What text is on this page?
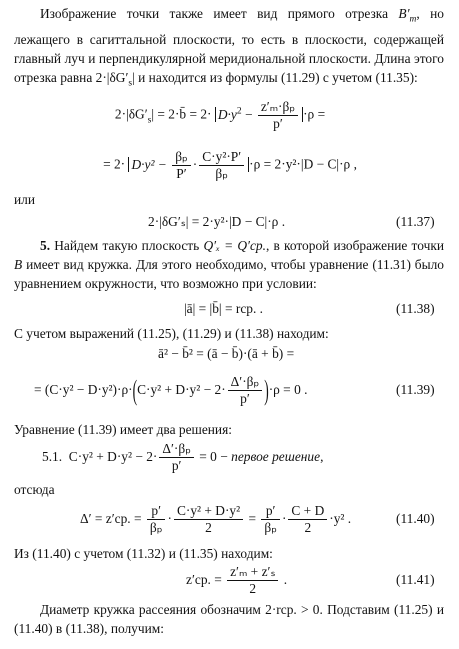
Изображение точки также имеет вид прямого отрезка $B'_m$, но лежащего в сагиттальной плоскости, то есть в плоскости, содержащей главный луч и перпендикулярной меридиональной плоскости. Длина этого отрезка равна $2\cdot|\delta G'_s|$ и находится из формулы (11.29) с учетом (11.35):
$2\cdot|\delta G'_s|$ = 2·b̄ = $2\cdot D\cdot y^2 - \frac{\text{z′ₘ·βₚ}}{p'} \cdot\rho$ =
= $2\cdot D\cdot y^2 - \frac{\text{βₚ}}{P'} \cdot \frac{\text{C·y²·P′}}{\text{βₚ}} \cdot\rho = 2\cdot y^2\cdot|D - C|\cdot\rho$ ,
или
2·|δG′ₛ| = 2·y²·|D − C|·ρ .	(11.37)
5. Найдем такую плоскость Q′ₓ = Q′ср., в которой изображение точки B имеет вид кружка. Для этого необходимо, чтобы уравнение (11.31) было уравнением окружности, что возможно при условии:
|ā| = |b̄| = rср. .	(11.38)
С учетом выражений (11.25), (11.29) и (11.38) находим:
ā² − b̄² = (ā − b̄)·(ā + b̄) =
= $(C\cdot y^2 - D\cdot y^2)\cdot\rho\cdot(C\cdot y^2 + D\cdot y^2 - 2\cdot \frac{\text{Δ′·βₚ}}{p'} )\cdot\rho = 0$ .	(11.39)
Уравнение (11.39) имеет два решения:
5.1. $C\cdot y^2 + D\cdot y^2 - 2\cdot \frac{\text{Δ′·βₚ}}{p'} = 0$ − первое решение,
отсюда
Δ′ = z′ср. = $\frac{p'}{\text{βₚ}} \cdot \frac{\text{C·y² + D·y²}}{2} = \frac{p'}{\text{βₚ}} \cdot \frac{C + D}{2} \cdot y^2$ .	(11.40)
Из (11.40) с учетом (11.32) и (11.35) находим:
z′ср. = $\frac{\text{z′ₘ + z′ₛ}}{2}$ .	(11.41)
Диаметр кружка рассеяния обозначим 2·rср. > 0. Подставим (11.25) и (11.40) в (11.38), получим:
